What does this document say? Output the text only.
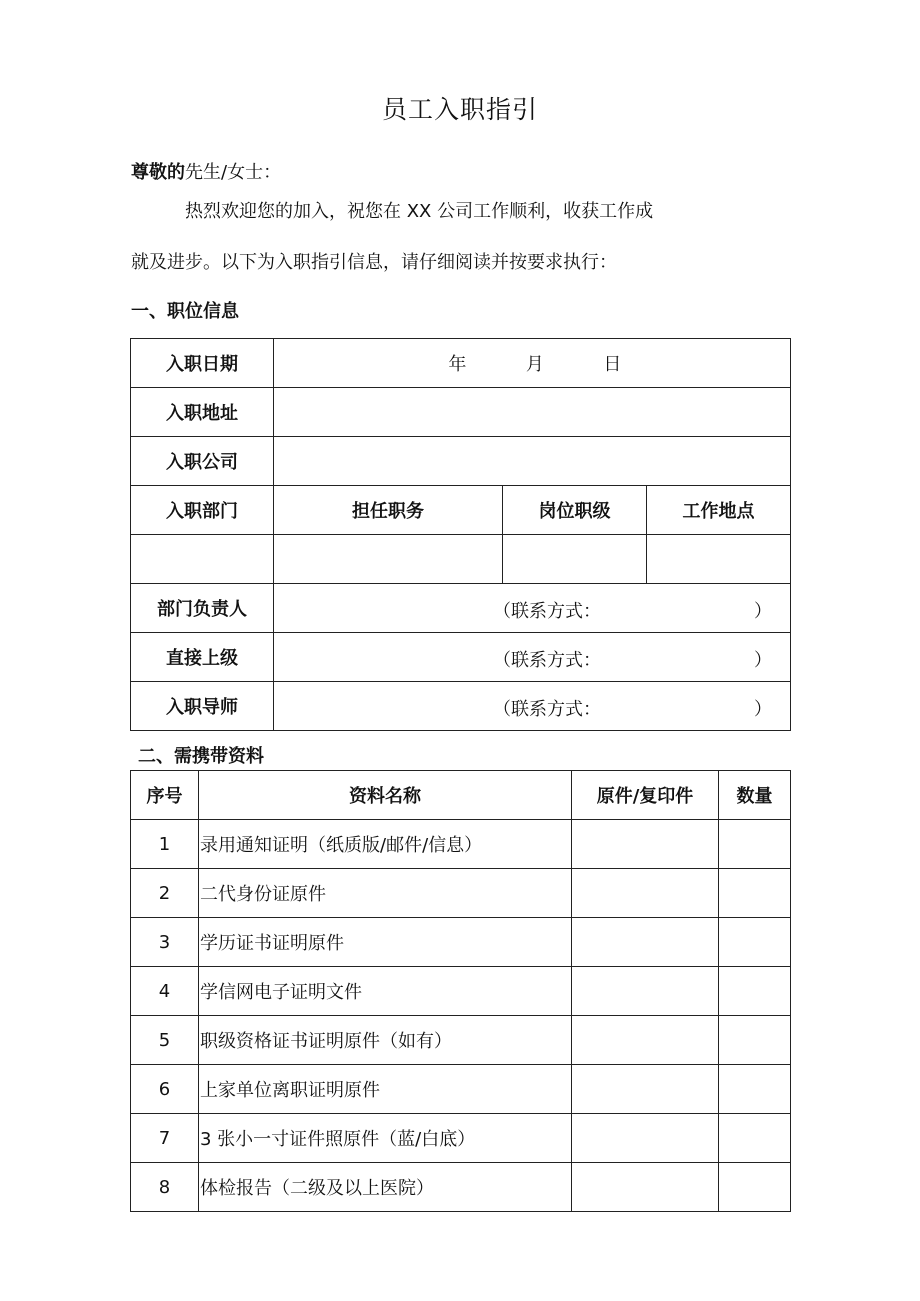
员工入职指引
尊敬的先生/女士：
热烈欢迎您的加入，祝您在 XX 公司工作顺利，收获工作成
就及进步。以下为入职指引信息，请仔细阅读并按要求执行：
一、职位信息
入职日期	年 月 日		
入职地址			
入职公司			
入职部门	担任职务	岗位职级	工作地点

部门负责人	（联系方式： ）		

直接上级	（联系方式： ）		

入职导师	（联系方式： ）		
二、需携带资料
序号	资料名称	原件/复印件	数量
1	录用通知证明（纸质版/邮件/信息）		
2	二代身份证原件		
3	学历证书证明原件		
4	学信网电子证明文件		
5	职级资格证书证明原件（如有）		
6	上家单位离职证明原件		
7	3 张小一寸证件照原件（蓝/白底）		
8	体检报告（二级及以上医院）		
